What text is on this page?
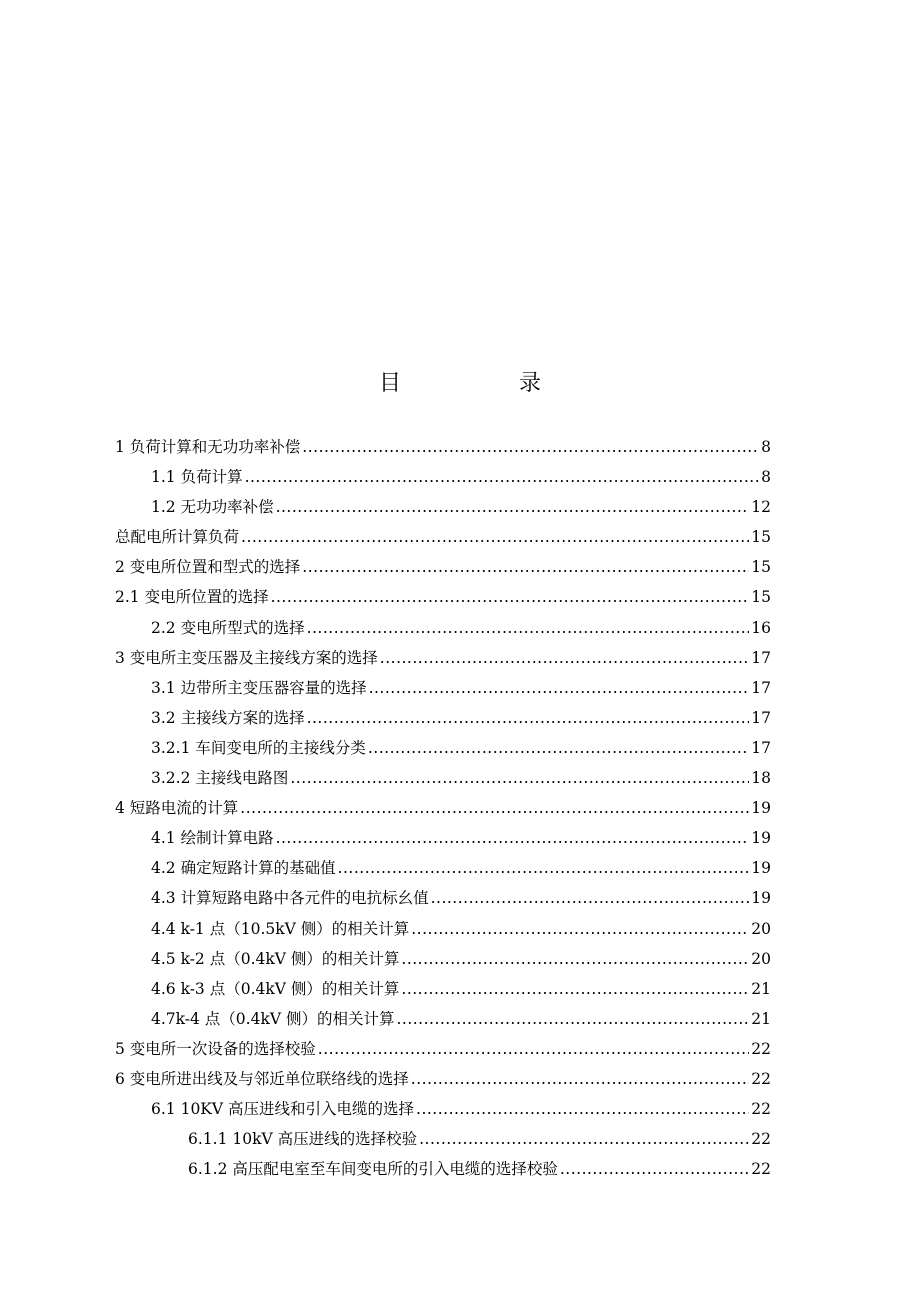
目　录
1 负荷计算和无功功率补偿 .....	8
1.1 负荷计算 .....	8
1.2 无功功率补偿 .....	12
总配电所计算负荷 .....	15
2 变电所位置和型式的选择 .....	15
2.1 变电所位置的选择 .....	15
2.2 变电所型式的选择 .....	16
3 变电所主变压器及主接线方案的选择 .....	17
3.1 边带所主变压器容量的选择 .....	17
3.2 主接线方案的选择 .....	17
3.2.1 车间变电所的主接线分类 .....	17
3.2.2 主接线电路图 .....	18
4 短路电流的计算 .....	19
4.1 绘制计算电路 .....	19
4.2 确定短路计算的基础值 .....	19
4.3 计算短路电路中各元件的电抗标幺值 .....	19
4.4 k-1 点（10.5kV 侧）的相关计算 .....	20
4.5 k-2 点（0.4kV 侧）的相关计算 .....	20
4.6 k-3 点（0.4kV 侧）的相关计算 .....	21
4.7k-4 点（0.4kV 侧）的相关计算 .....	21
5 变电所一次设备的选择校验 .....	22
6 变电所进出线及与邻近单位联络线的选择 .....	22
6.1 10KV 高压进线和引入电缆的选择 .....	22
6.1.1 10kV 高压进线的选择校验 .....	22
6.1.2 高压配电室至车间变电所的引入电缆的选择校验 .....	22
